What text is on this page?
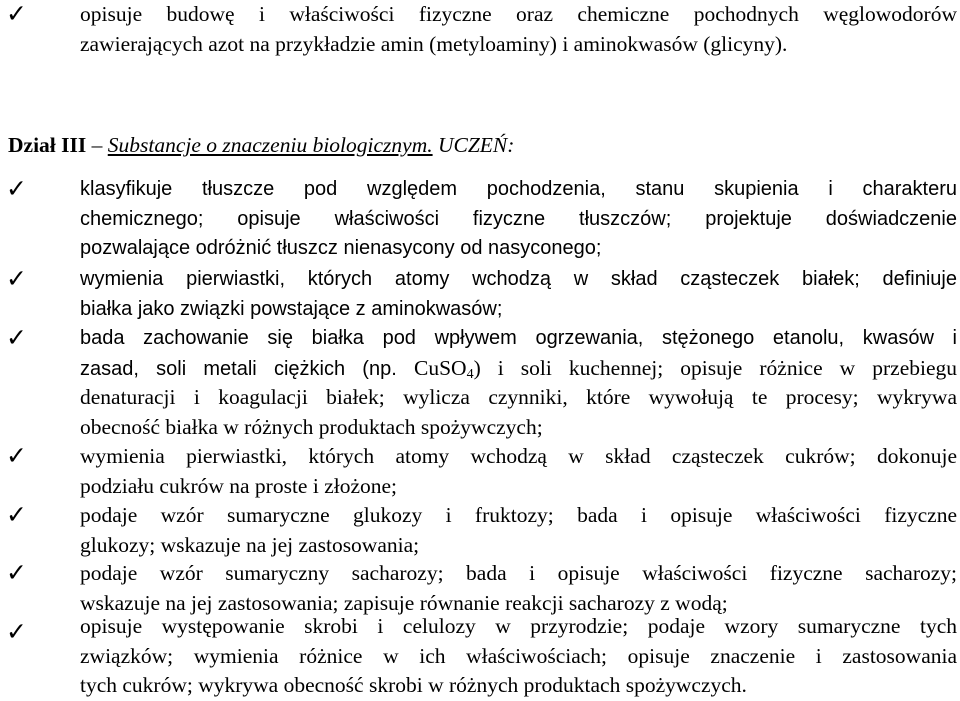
✓	opisuje budowę i właściwości fizyczne oraz chemiczne pochodnych węglowodorów
zawierających azot na przykładzie amin (metyloaminy) i aminokwasów (glicyny).
Dział III – Substancje o znaczeniu biologicznym. UCZEŃ:
✓	klasyfikuje tłuszcze pod względem pochodzenia, stanu skupienia i charakteru
chemicznego; opisuje właściwości fizyczne tłuszczów; projektuje doświadczenie
pozwalające odróżnić tłuszcz nienasycony od nasyconego;
✓	wymienia pierwiastki, których atomy wchodzą w skład cząsteczek białek; definiuje
białka jako związki powstające z aminokwasów;
✓	bada zachowanie się białka pod wpływem ogrzewania, stężonego etanolu, kwasów i
zasad, soli metali ciężkich (np. CuSO$_4$) i soli kuchennej; opisuje różnice w przebiegu
denaturacji i koagulacji białek; wylicza czynniki, które wywołują te procesy; wykrywa
obecność białka w różnych produktach spożywczych;
✓	wymienia pierwiastki, których atomy wchodzą w skład cząsteczek cukrów; dokonuje
podziału cukrów na proste i złożone;
✓	podaje wzór sumaryczne glukozy i fruktozy; bada i opisuje właściwości fizyczne
glukozy; wskazuje na jej zastosowania;
✓	podaje wzór sumaryczny sacharozy; bada i opisuje właściwości fizyczne sacharozy;
wskazuje na jej zastosowania; zapisuje równanie reakcji sacharozy z wodą;
✓	opisuje występowanie skrobi i celulozy w przyrodzie; podaje wzory sumaryczne tych
związków; wymienia różnice w ich właściwościach; opisuje znaczenie i zastosowania
tych cukrów; wykrywa obecność skrobi w różnych produktach spożywczych.
